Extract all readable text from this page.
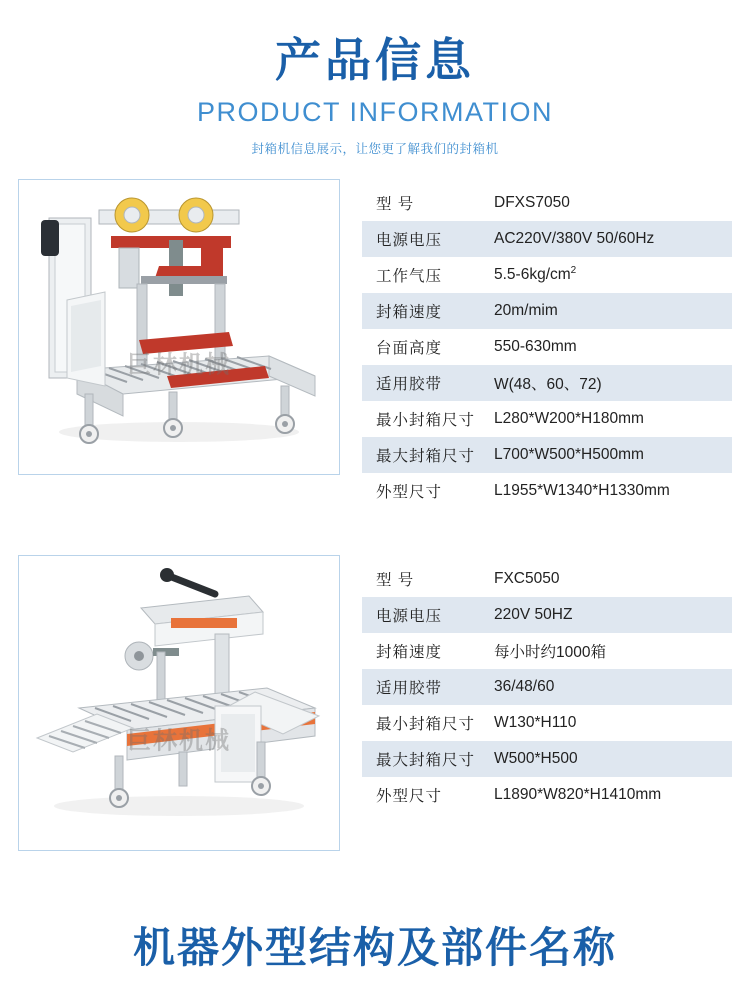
产品信息
PRODUCT INFORMATION
封箱机信息展示，让您更了解我们的封箱机
巨林机械
型 号	DFXS7050
电源电压	AC220V/380V 50/60Hz
工作气压	$5.5-6kg/cm^2$
封箱速度	20m/mim
台面高度	550-630mm
适用胶带	W(48、60、72)
最小封箱尺寸	L280*W200*H180mm
最大封箱尺寸	L700*W500*H500mm
外型尺寸	L1955*W1340*H1330mm
巨林机械
型 号	FXC5050
电源电压	220V 50HZ
封箱速度	每小时约1000箱
适用胶带	36/48/60
最小封箱尺寸	W130*H110
最大封箱尺寸	W500*H500
外型尺寸	L1890*W820*H1410mm
机器外型结构及部件名称
